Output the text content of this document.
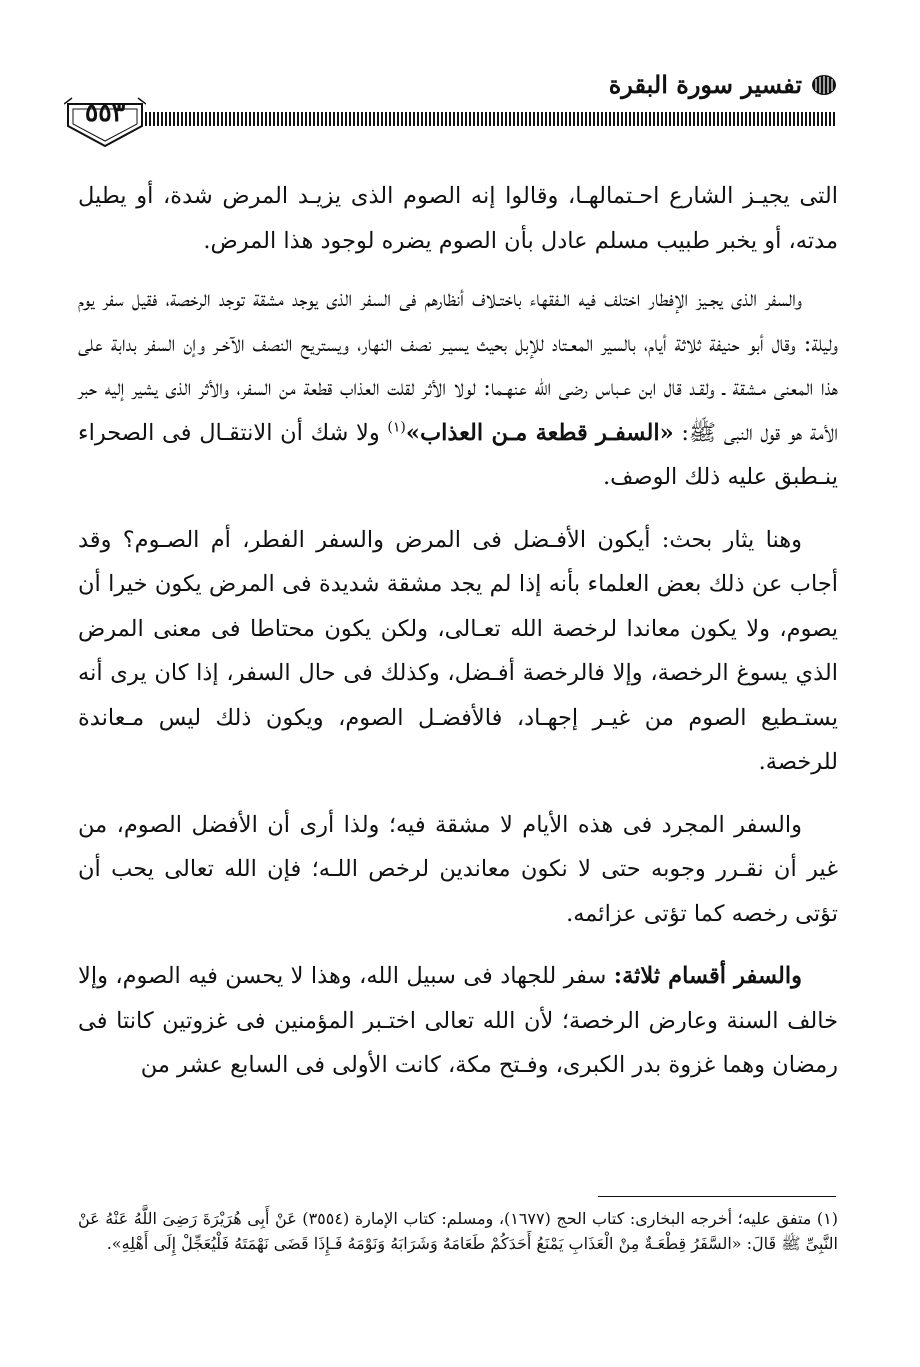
٥٥٣
تفسير سورة البقرة

التى يجيـز الشارع احـتمالهـا، وقالوا إنه الصوم الذى يزيـد المرض شدة، أو يطيل مدته، أو يخبر طبيب مسلم عادل بأن الصوم يضره لوجود هذا المرض.

والسفر الذى يجـيز الإفطار اختلف فيه الـفقهاء باختـلاف أنظارهم فى السفر الذى يوجد مشقة توجد الرخصة، فقيل سفر يوم وليلة: وقال أبو حنيفة ثلاثة أيام، بالسير المعـتاد للإبل بحيث يسيـر نصف النهار، ويستريح النصف الآخـر وإن السفر بدابة على هذا المعنى مـشقة ـ ولقـد قال ابن عـباس رضى الله عنهـما: لولا الأثر لقلت العذاب قطعة من السفر، والأثر الذى يشير إليه حبر الأمة هو قول النبى ﷺ: «السفـر قطعة مـن العذاب»$^{(١)}$ ولا شك أن الانتقـال فى الصحراء ينـطبق عليه ذلك الوصف.

وهنا يثار بحث: أيكون الأفـضل فى المرض والسفر الفطر، أم الصـوم؟ وقد أجاب عن ذلك بعض العلماء بأنه إذا لم يجد مشقة شديدة فى المرض يكون خيرا أن يصوم، ولا يكون معاندا لرخصة الله تعـالى، ولكن يكون محتاطا فى معنى المرض الذي يسوغ الرخصة، وإلا فالرخصة أفـضل، وكذلك فى حال السفر، إذا كان يرى أنه يستـطيع الصوم من غيـر إجهـاد، فالأفضـل الصوم، ويكون ذلك ليس مـعاندة للرخصة.

والسفر المجرد فى هذه الأيام لا مشقة فيه؛ ولذا أرى أن الأفضل الصوم، من غير أن نقـرر وجوبه حتى لا نكون معاندين لرخص اللـه؛ فإن الله تعالى يحب أن تؤتى رخصه كما تؤتى عزائمه.

والسفر أقسام ثلاثة: سفر للجهاد فى سبيل الله، وهذا لا يحسن فيه الصوم، وإلا خالف السنة وعارض الرخصة؛ لأن الله تعالى اختـبر المؤمنين فى غزوتين كانتا فى رمضان وهما غزوة بدر الكبرى، وفـتح مكة، كانت الأولى فى السابع عشر من

(١) متفق عليه؛ أخرجه البخارى: كتاب الحج (١٦٧٧)، ومسلم: كتاب الإمارة (٣٥٥٤) عَنْ أَبِى هُرَيْرَةَ رَضِىَ اللَّهُ عَنْهُ عَنْ النَّبِىِّ ﷺ قَالَ: «السَّفَرُ قِطْعَـةٌ مِنْ الْعَذَابِ يَمْنَعُ أَحَدَكُمْ طَعَامَهُ وَشَرَابَهُ وَنَوْمَهُ فَـإِذَا قَضَى نَهْمَتَهُ فَلْيُعَجِّلْ إِلَى أَهْلِهِ».
